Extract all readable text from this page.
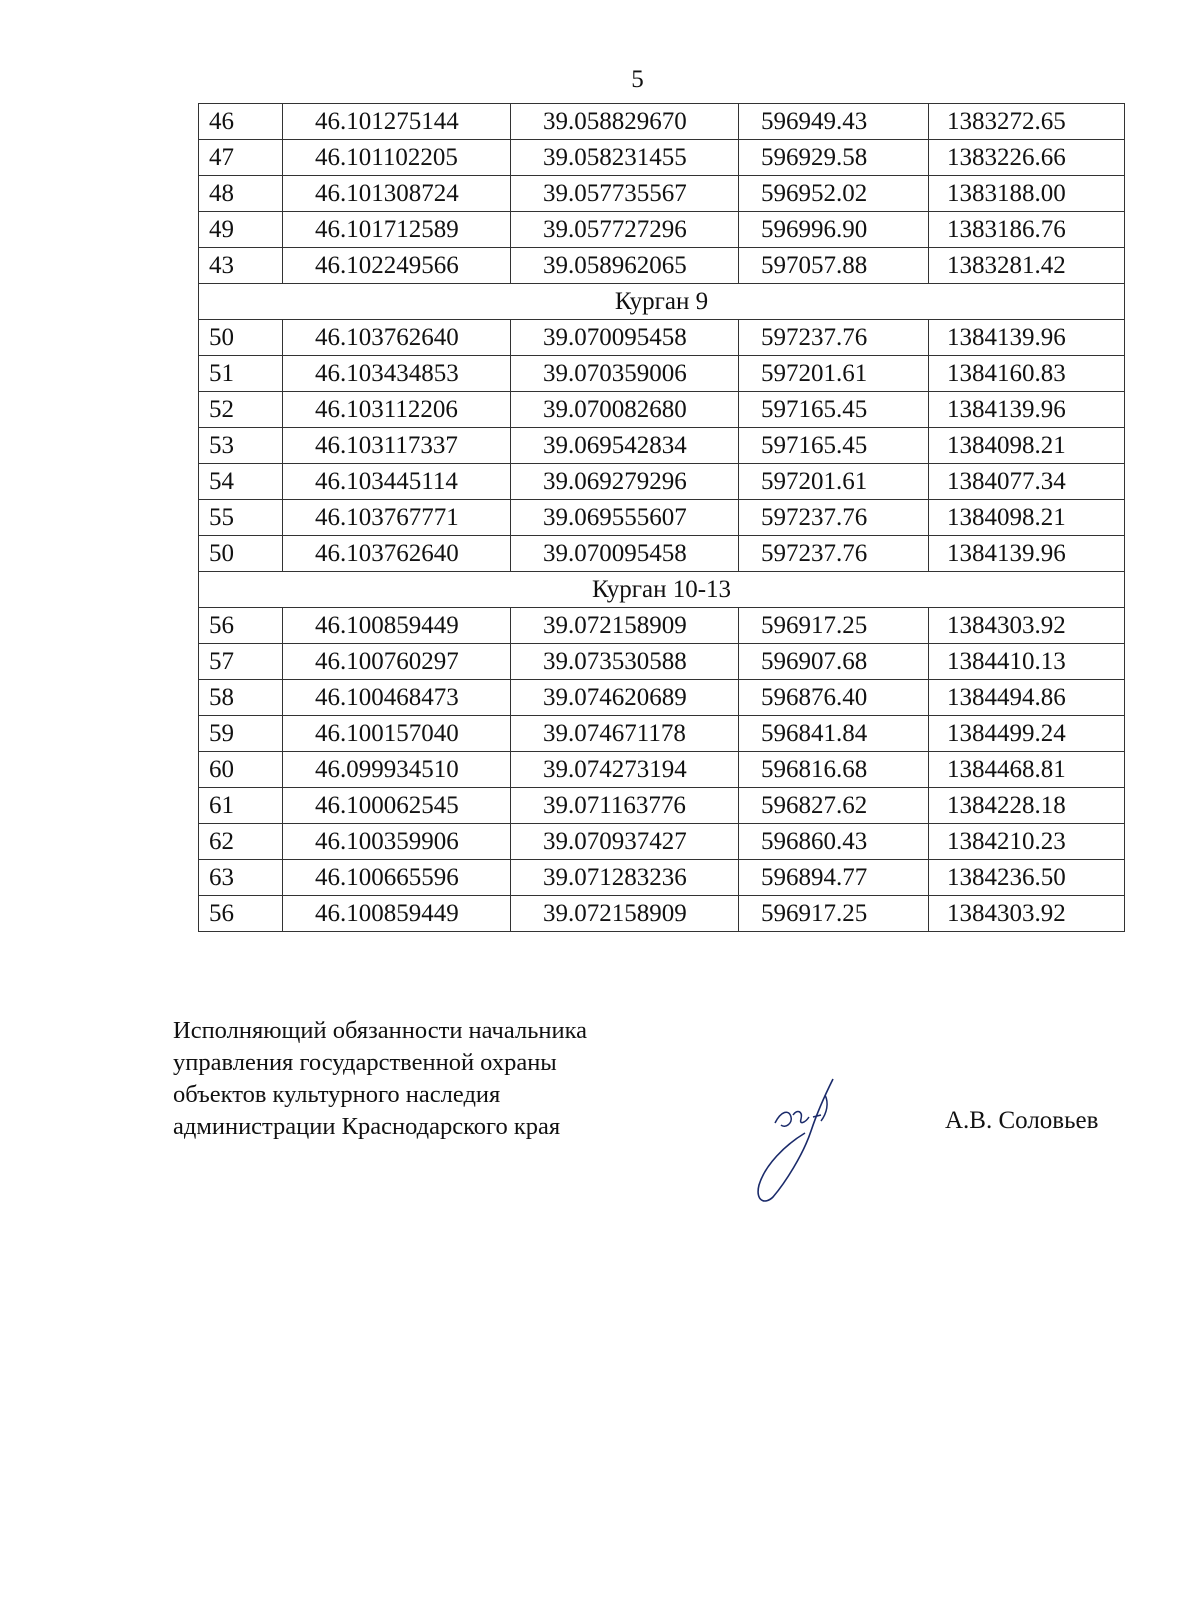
5
46	46.101275144	39.058829670	596949.43	1383272.65
47	46.101102205	39.058231455	596929.58	1383226.66
48	46.101308724	39.057735567	596952.02	1383188.00
49	46.101712589	39.057727296	596996.90	1383186.76
43	46.102249566	39.058962065	597057.88	1383281.42
Курган 9				
50	46.103762640	39.070095458	597237.76	1384139.96
51	46.103434853	39.070359006	597201.61	1384160.83
52	46.103112206	39.070082680	597165.45	1384139.96
53	46.103117337	39.069542834	597165.45	1384098.21
54	46.103445114	39.069279296	597201.61	1384077.34
55	46.103767771	39.069555607	597237.76	1384098.21
50	46.103762640	39.070095458	597237.76	1384139.96
Курган 10-13				
56	46.100859449	39.072158909	596917.25	1384303.92
57	46.100760297	39.073530588	596907.68	1384410.13
58	46.100468473	39.074620689	596876.40	1384494.86
59	46.100157040	39.074671178	596841.84	1384499.24
60	46.099934510	39.074273194	596816.68	1384468.81
61	46.100062545	39.071163776	596827.62	1384228.18
62	46.100359906	39.070937427	596860.43	1384210.23
63	46.100665596	39.071283236	596894.77	1384236.50
56	46.100859449	39.072158909	596917.25	1384303.92
Исполняющий обязанности начальника
управления государственной охраны
объектов культурного наследия
администрации Краснодарского края	А.В. Соловьев
